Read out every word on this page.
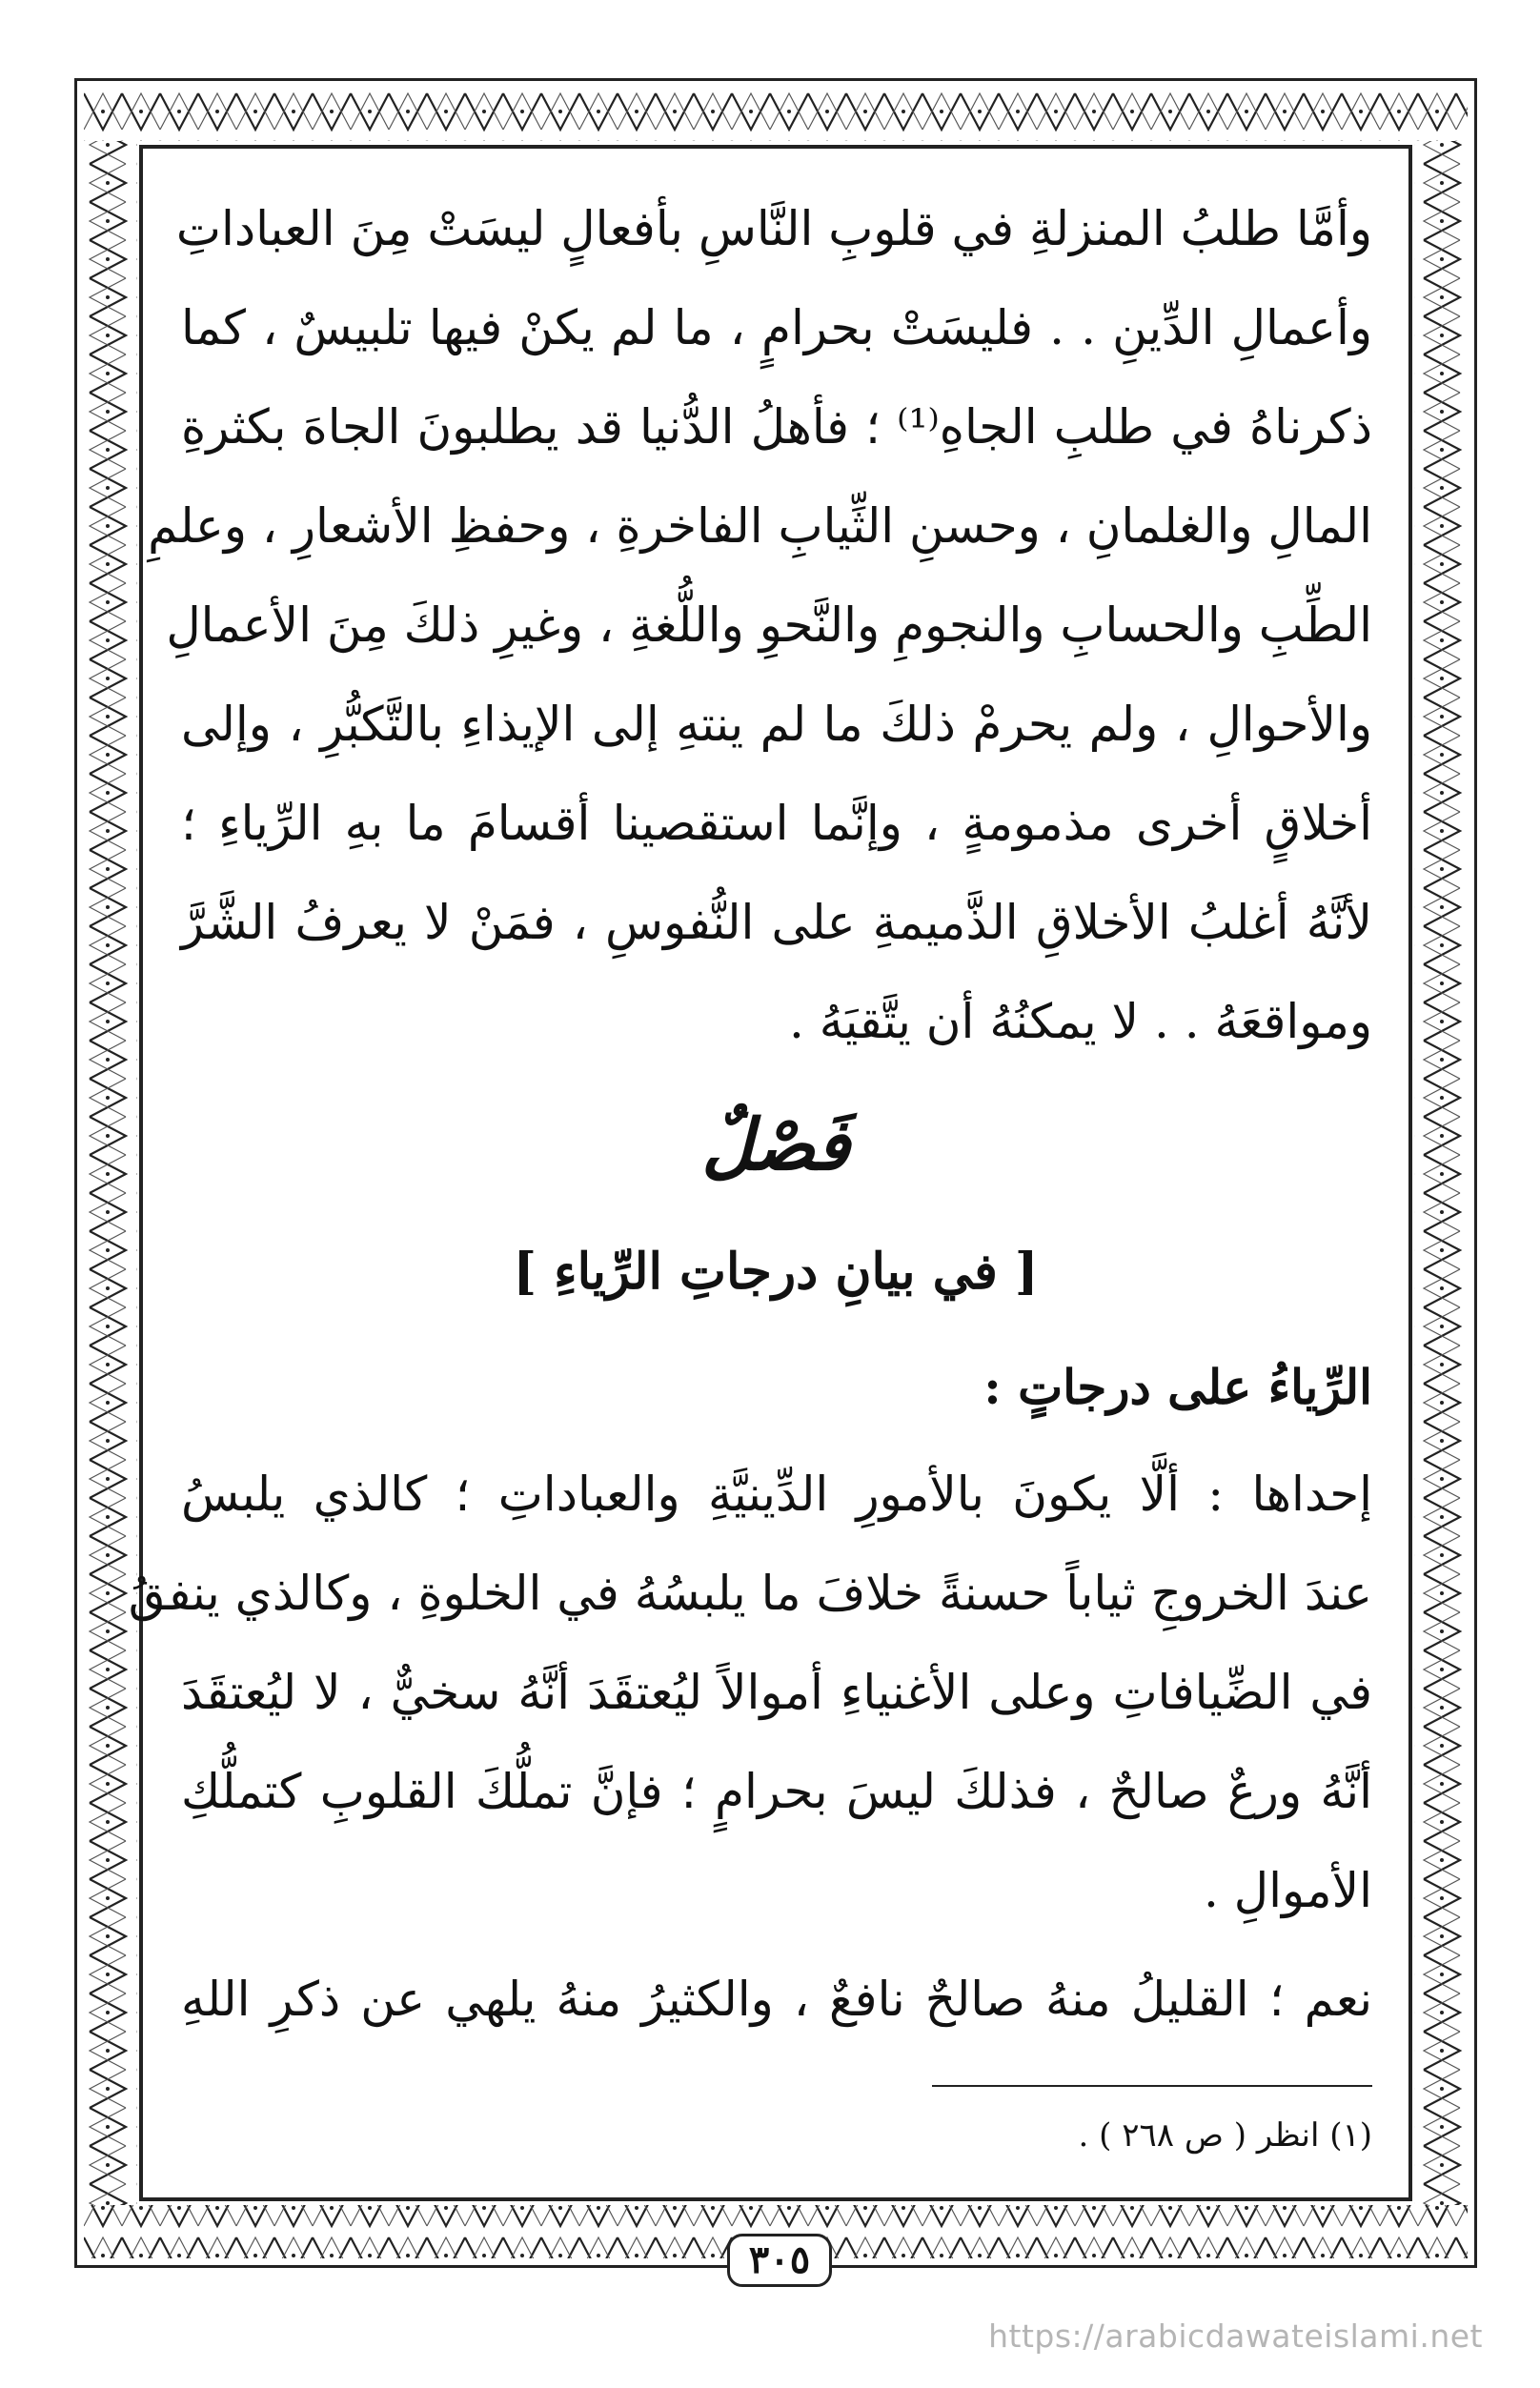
وأمَّا طلبُ المنزلةِ في قلوبِ النَّاسِ بأفعالٍ ليسَتْ مِنَ العباداتِ
وأعمالِ الدِّينِ . . فليسَتْ بحرامٍ ، ما لم يكنْ فيها تلبيسٌ ، كما
ذكرناهُ في طلبِ الجاهِ⁽¹⁾ ؛ فأهلُ الدُّنيا قد يطلبونَ الجاهَ بكثرةِ
المالِ والغلمانِ ، وحسنِ الثِّيابِ الفاخرةِ ، وحفظِ الأشعارِ ، وعلمِ
الطِّبِ والحسابِ والنجومِ والنَّحوِ واللُّغةِ ، وغيرِ ذلكَ مِنَ الأعمالِ
والأحوالِ ، ولم يحرمْ ذلكَ ما لم ينتهِ إلى الإيذاءِ بالتَّكبُّرِ ، وإلى
أخلاقٍ أخرى مذمومةٍ ، وإنَّما استقصينا أقسامَ ما بهِ الرِّياءِ ؛
لأنَّهُ أغلبُ الأخلاقِ الذَّميمةِ على النُّفوسِ ، فمَنْ لا يعرفُ الشَّرَّ
ومواقعَهُ . . لا يمكنُهُ أن يتَّقيَهُ .
فَصْلٌ
[ في بيانِ درجاتِ الرِّياءِ ]
الرِّياءُ على درجاتٍ :
إحداها : ألَّا يكونَ بالأمورِ الدِّينيَّةِ والعباداتِ ؛ كالذي يلبسُ
عندَ الخروجِ ثياباً حسنةً خلافَ ما يلبسُهُ في الخلوةِ ، وكالذي ينفقُ
في الضِّيافاتِ وعلى الأغنياءِ أموالاً ليُعتقَدَ أنَّهُ سخيٌّ ، لا ليُعتقَدَ
أنَّهُ ورعٌ صالحٌ ، فذلكَ ليسَ بحرامٍ ؛ فإنَّ تملُّكَ القلوبِ كتملُّكِ
الأموالِ .
نعم ؛ القليلُ منهُ صالحٌ نافعٌ ، والكثيرُ منهُ يلهي عن ذكرِ اللهِ
(١) انظر ( ص ٢٦٨ ) .
٣٠٥
https://arabicdawateislami.net
